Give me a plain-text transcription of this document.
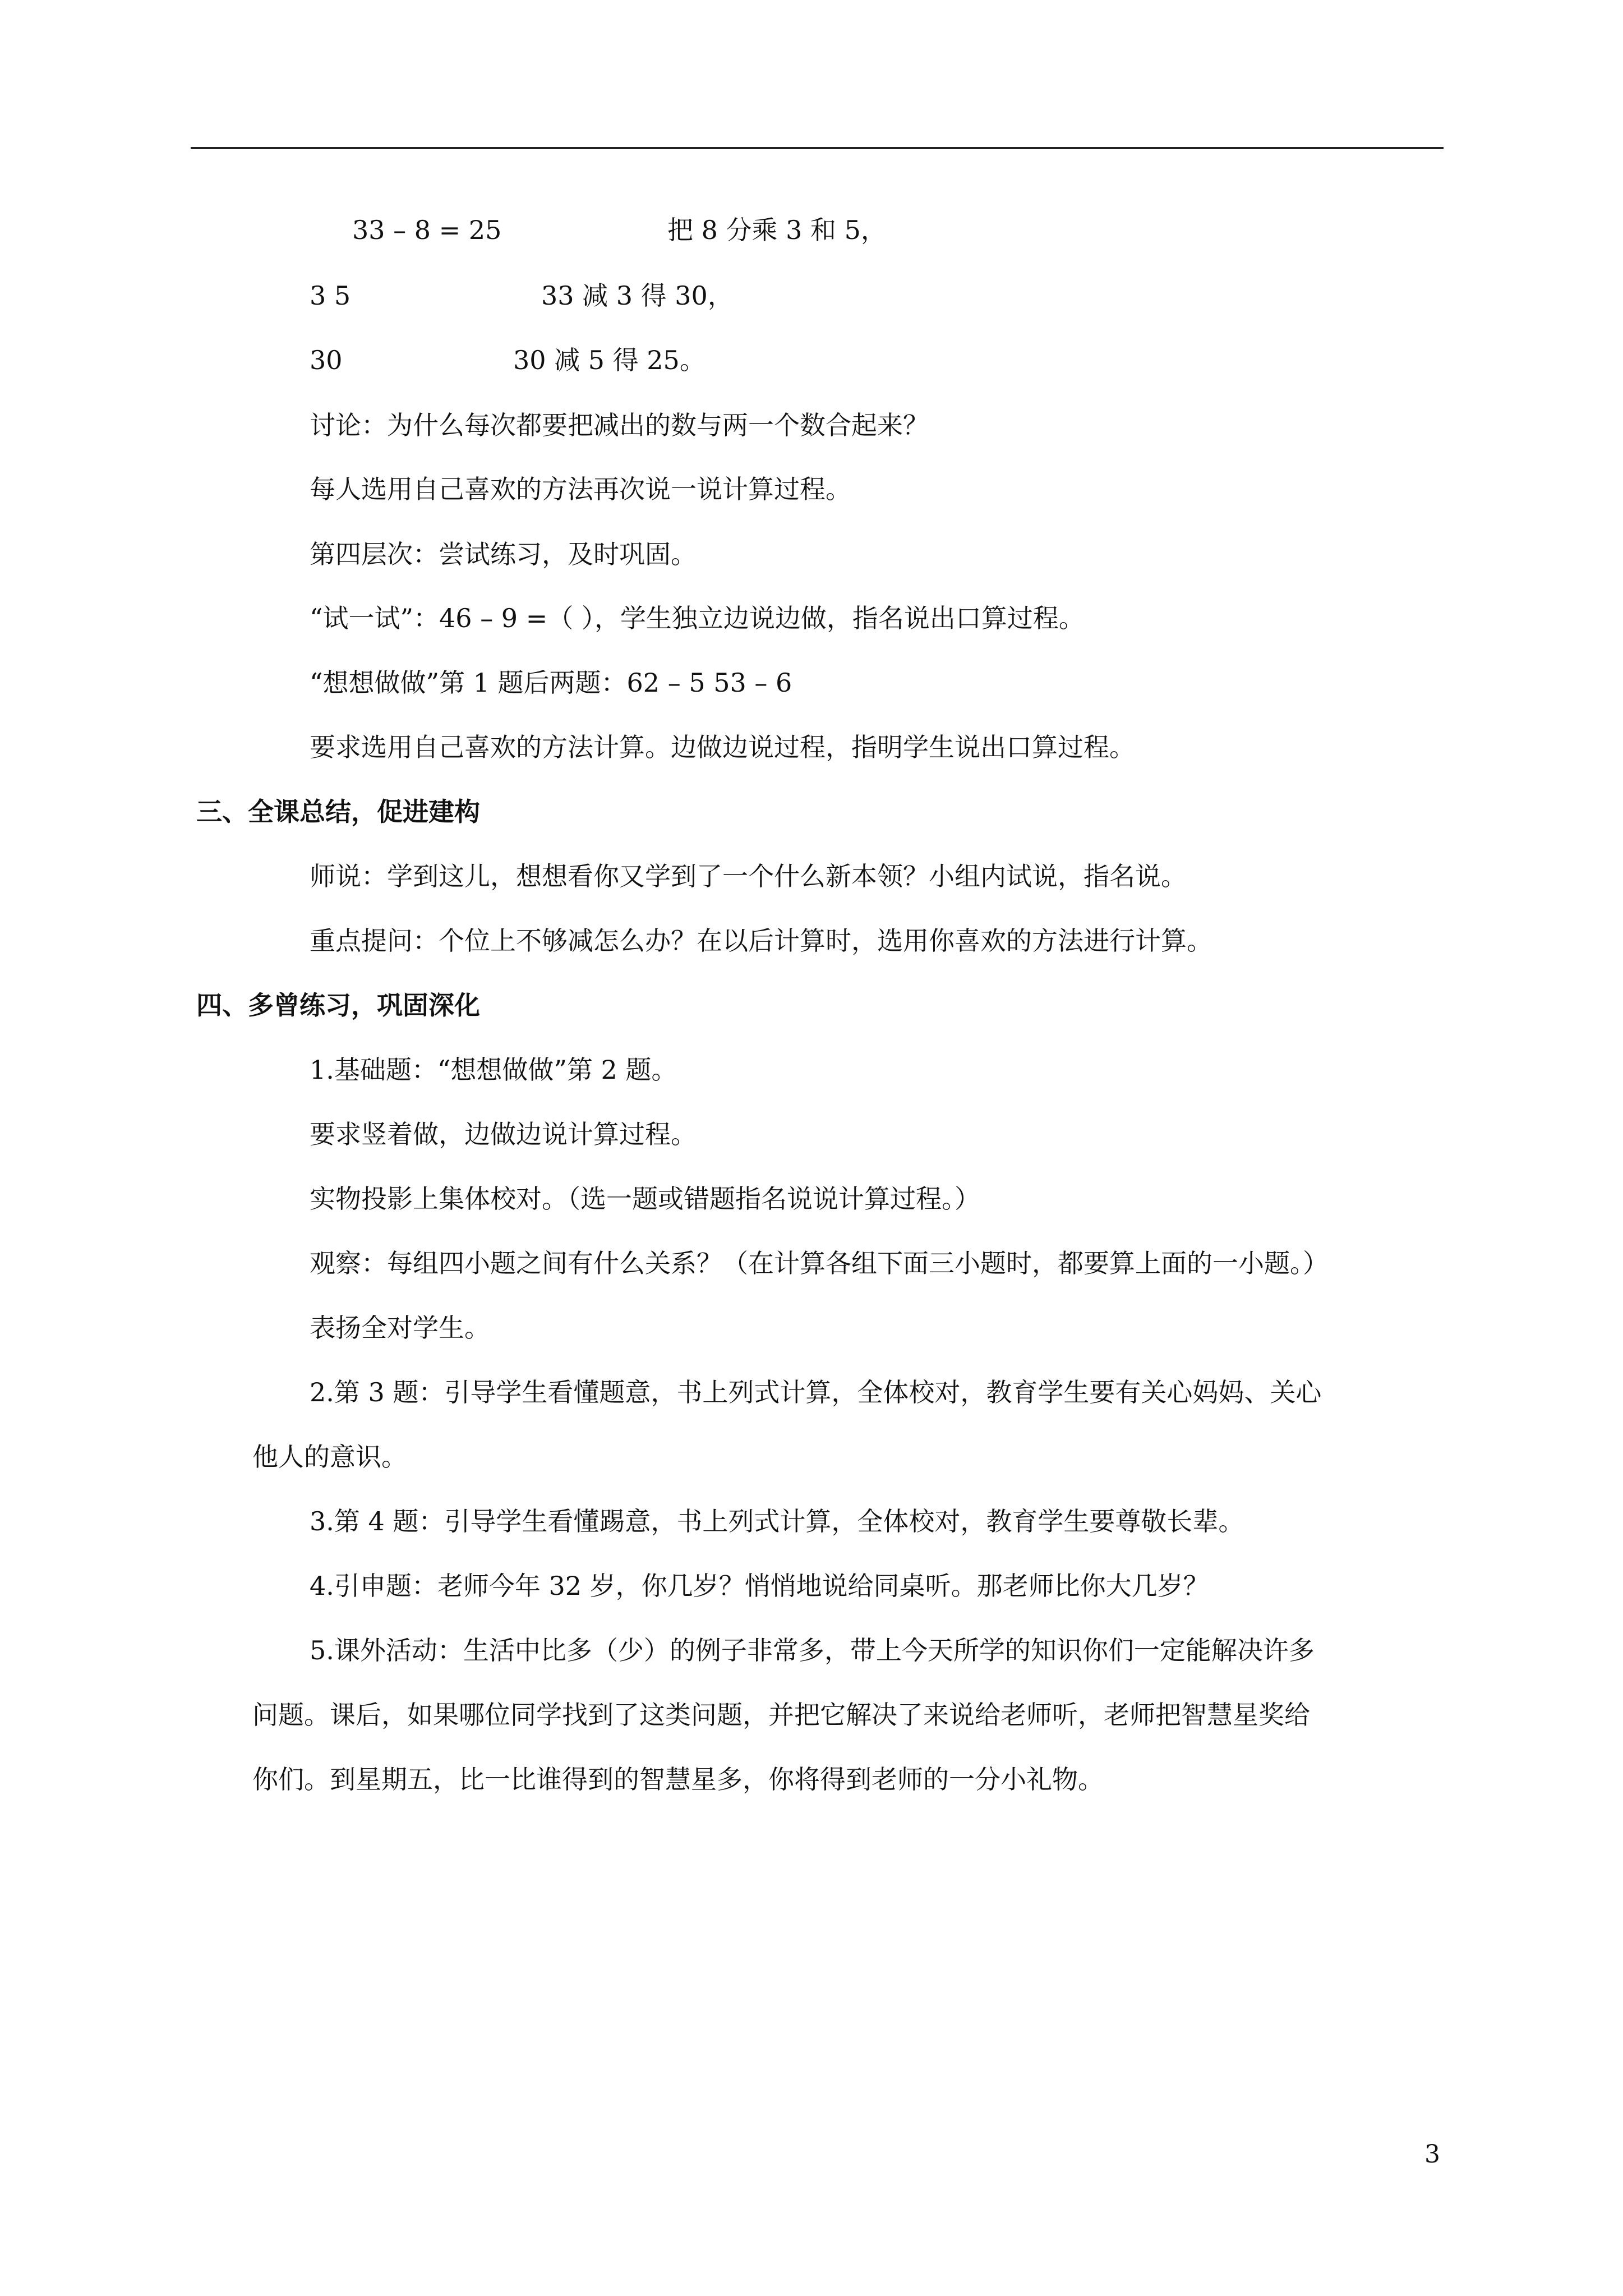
33 – 8 = 25	把 8 分乘 3 和 5，
3 5	33 减 3 得 30，
30	30 减 5 得 25。
讨论：为什么每次都要把减出的数与两一个数合起来？
每人选用自己喜欢的方法再次说一说计算过程。
第四层次：尝试练习，及时巩固。
“试一试”：46 – 9 =（ ），学生独立边说边做，指名说出口算过程。
“想想做做”第 1 题后两题：62 – 5 53 – 6
要求选用自己喜欢的方法计算。边做边说过程，指明学生说出口算过程。
三、全课总结，促进建构
师说：学到这儿，想想看你又学到了一个什么新本领？小组内试说，指名说。
重点提问：个位上不够减怎么办？在以后计算时，选用你喜欢的方法进行计算。
四、多曾练习，巩固深化
1.基础题：“想想做做”第 2 题。
要求竖着做，边做边说计算过程。
实物投影上集体校对。（选一题或错题指名说说计算过程。）
观察：每组四小题之间有什么关系？（在计算各组下面三小题时，都要算上面的一小题。）
表扬全对学生。
2.第 3 题：引导学生看懂题意，书上列式计算，全体校对，教育学生要有关心妈妈、关心
他人的意识。
3.第 4 题：引导学生看懂踢意，书上列式计算，全体校对，教育学生要尊敬长辈。
4.引申题：老师今年 32 岁，你几岁？悄悄地说给同桌听。那老师比你大几岁？
5.课外活动：生活中比多（少）的例子非常多，带上今天所学的知识你们一定能解决许多
问题。课后，如果哪位同学找到了这类问题，并把它解决了来说给老师听，老师把智慧星奖给
你们。到星期五，比一比谁得到的智慧星多，你将得到老师的一分小礼物。
3
